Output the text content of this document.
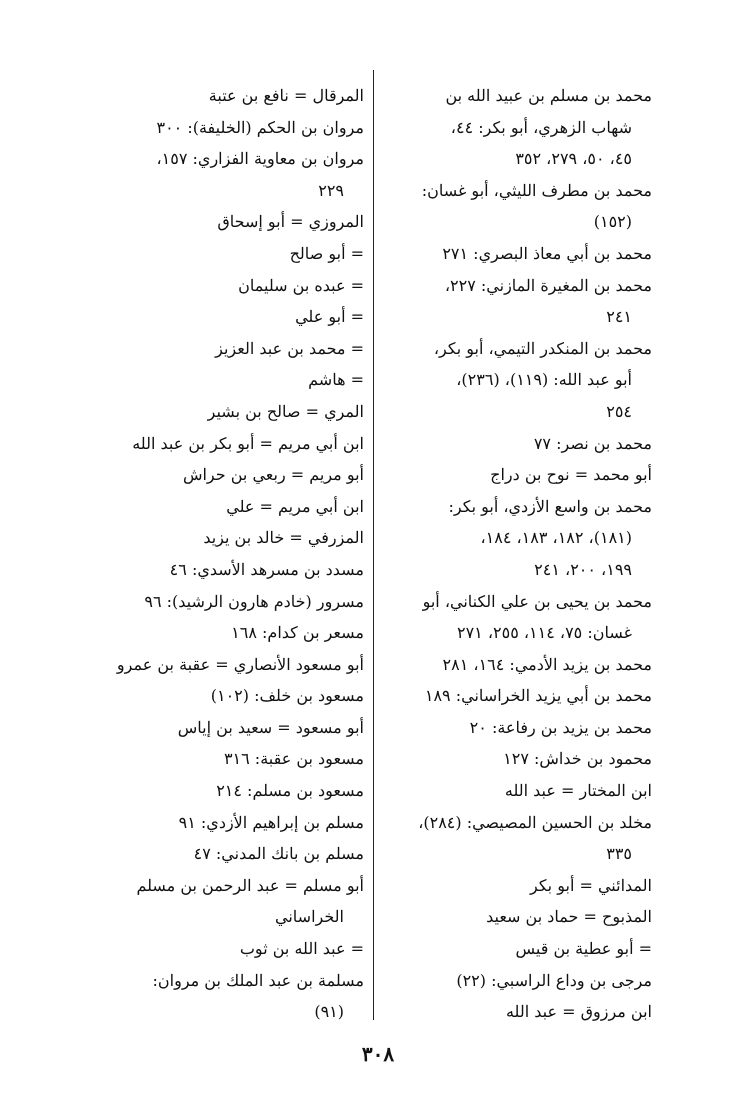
محمد بن مسلم بن عبيد الله بن
شهاب الزهري، أبو بكر: ٤٤،
٤٥، ٥٠، ٢٧٩، ٣٥٢
محمد بن مطرف الليثي، أبو غسان:
(١٥٢)
محمد بن أبي معاذ البصري: ٢٧١
محمد بن المغيرة المازني: ٢٢٧،
٢٤١
محمد بن المنكدر التيمي، أبو بكر،
أبو عبد الله: (١١٩)، (٢٣٦)،
٢٥٤
محمد بن نصر: ٧٧
أبو محمد = نوح بن دراج
محمد بن واسع الأزدي، أبو بكر:
(١٨١)، ١٨٢، ١٨٣، ١٨٤،
١٩٩، ٢٠٠، ٢٤١
محمد بن يحيى بن علي الكناني، أبو
غسان: ٧٥، ١١٤، ٢٥٥، ٢٧١
محمد بن يزيد الأدمي: ١٦٤، ٢٨١
محمد بن أبي يزيد الخراساني: ١٨٩
محمد بن يزيد بن رفاعة: ٢٠
محمود بن خداش: ١٢٧
ابن المختار = عبد الله
مخلد بن الحسين المصيصي: (٢٨٤)،
٣٣٥
المدائني = أبو بكر
المذبوح = حماد بن سعيد
= أبو عطية بن قيس
مرجى بن وداع الراسبي: (٢٢)
ابن مرزوق = عبد الله
المرقال = نافع بن عتبة
مروان بن الحكم (الخليفة): ٣٠٠
مروان بن معاوية الفزاري: ١٥٧،
٢٢٩
المروزي = أبو إسحاق
= أبو صالح
= عبده بن سليمان
= أبو علي
= محمد بن عبد العزيز
= هاشم
المري = صالح بن بشير
ابن أبي مريم = أبو بكر بن عبد الله
أبو مريم = ربعي بن حراش
ابن أبي مريم = علي
المزرفي = خالد بن يزيد
مسدد بن مسرهد الأسدي: ٤٦
مسرور (خادم هارون الرشيد): ٩٦
مسعر بن كدام: ١٦٨
أبو مسعود الأنصاري = عقبة بن عمرو
مسعود بن خلف: (١٠٢)
أبو مسعود = سعيد بن إياس
مسعود بن عقبة: ٣١٦
مسعود بن مسلم: ٢١٤
مسلم بن إبراهيم الأزدي: ٩١
مسلم بن بانك المدني: ٤٧
أبو مسلم = عبد الرحمن بن مسلم
الخراساني
= عبد الله بن ثوب
مسلمة بن عبد الملك بن مروان:
(٩١)
٣٠٨
